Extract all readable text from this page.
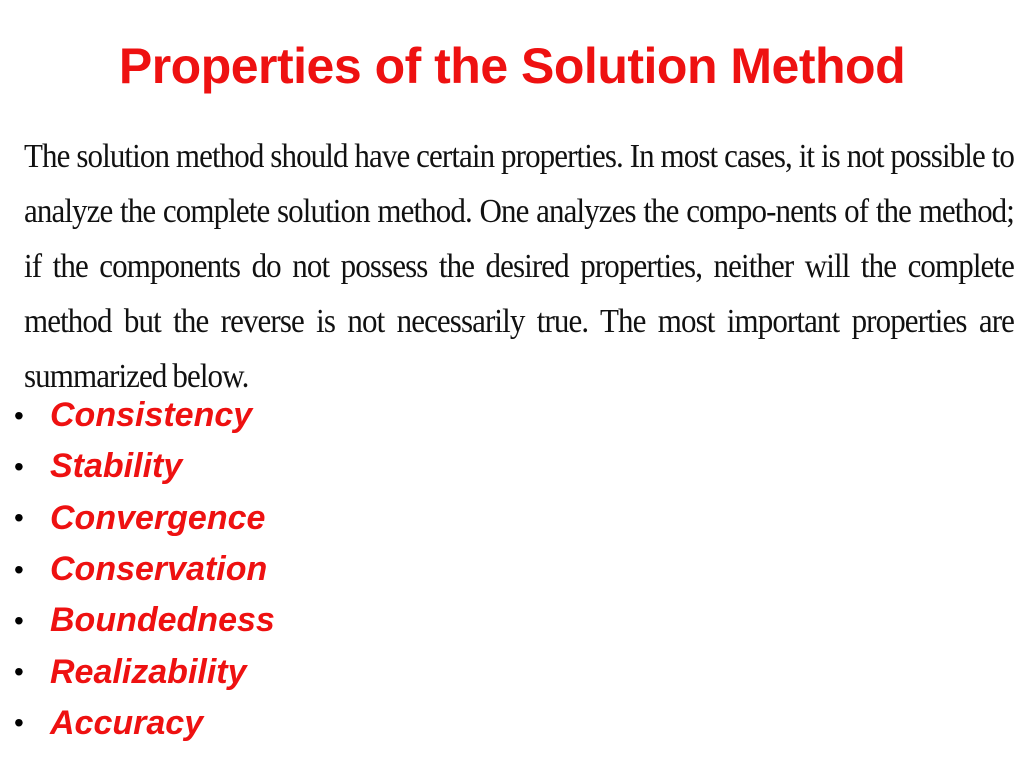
Properties of the Solution Method

The solution method should have certain properties. In most cases, it is not possible to analyze the complete solution method. One analyzes the compo-nents of the method; if the components do not possess the desired properties, neither will the complete method but the reverse is not necessarily true. The most important properties are summarized below.

• Consistency
• Stability
• Convergence
• Conservation
• Boundedness
• Realizability
• Accuracy
